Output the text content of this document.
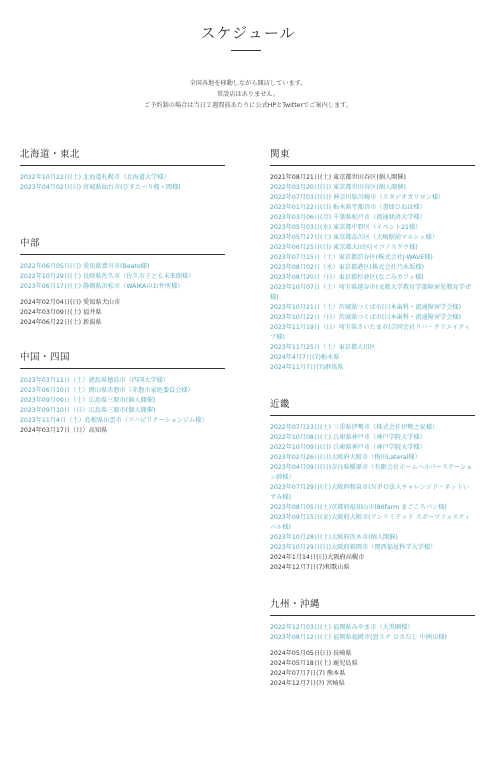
スケジュール
全国各地を移動しながら開店しています。
常設店はありません。
ご予約制の場合は当日２週間前あたりに公式HPとTwitterでご案内します。
北海道・東北
2022年10月22日(土) 北海道札幌市（北海道大学様）
2023年04月02日(日) 宮城県仙台市(びすた〜り桜ヶ岡様)
中部
2022年06月05日(日) 愛知県豊川市(Beato様)
2022年10月29日(土) 長野県佐久市（佐久市子ども未来館様）
2023年06月17日(土) 静岡県浜松市（WAIKAのお弁所様）
2024年02月04日(日) 愛知県犬山市
2024年03月09日(土) 福井県
2024年06月22日(土) 新潟県
中国・四国
2023年03月11日（土）徳島県徳島市（四国大学様）
2023年06月10日（土）岡山県赤磐市（赤磐市家庭委員会様）
2023年09月09日（土）広島県三原市(個人開催)
2023年09月10日（日）広島県三原市(個人開催)
2023年11月4日（土）島根県出雲市（リハビリテーションジム様）
2024年03月17日（日）高知県
関東
2021年08月21日(土) 東京都世田谷区(個人開催)
2022年03月20日(日) 東京都世田谷区(個人開催)
2022年07月03日(日) 神奈川県川崎市（スタジオカリヨン様）
2023年01月22日(日) 栃木県宇都宮市（書肆ひねは様）
2023年03月06日(月) 千葉県松戸市（流通経済大学様）
2023年05月03日(水) 東京都中野区（イベント21様）
2023年05月27日(土) 東京都品川区（大崎駅前マルシェ様）
2023年06月25日(日) 東京都大田区(イコノスクウ様)
2023年07月15日（土）東京都渋谷区(株式会社J-WAVE様)
2023年08月02日（水）東京都港区(株式会社乃木坂様)
2023年08月20日（日）東京都杉並区(なごみカフェ様)
2023年10月07日（土）埼玉県越谷市(文教大学教育学部障害児教育学ぜ様)
2023年10月21日（土）茨城県つくば市(日本歯科・流通障害学会様)
2023年10月22日（日）茨城県つくば市(日本歯科・流通障害学会様)
2023年11月19日（日）埼玉県さいたま市(合同会社リハ・クリエイティブ様)
2023年11月25日（土）東京都大田区
2024年4月7日(7)栃木県
2024年11月7日(7)群馬県
近畿
2022年07月23日(土) 三重県伊勢市（株式会社伊勢之家様）
2022年10月08日(土) 兵庫県神戸市（神戸学院大学様）
2022年10月09日(日) 兵庫県神戸市（神戸学院大学様）
2023年02月26日(日)大阪府大阪市（梅田Lateral様）
2023年04月09日(日)奈良県橿原市（有限会社ホームヘルパーステーション幹様）
2023年07月29日(土)大阪府和泉市(ＮＰＯ法人チャレンジド・ネットいずみ様)
2023年08月05日(土)京都府福知山市(86farm まごころパン様)
2023年09月15日(金)大阪府大阪市(アンリミテッド スポーツフェスティバル様)
2023年10月28日(土)大阪府茨木市(個人開催)
2023年10月29日(日)大阪府箱岡市（関西福祉科学大学様）
2024年1月14日(日)大阪府高槻市
2024年12月7日(7)和歌山県
九州・沖縄
2022年12月03日(土) 福岡県みやま市（大黒園様）
2023年08月12日(土) 福岡県福岡市(恩スナ ひさだし 中洲店様)
2024年05月05日(日) 長崎県
2024年05月18日(土) 鹿児島県
2024年07月7日(7) 熊本県
2024年12月7日(?) 宮崎県
